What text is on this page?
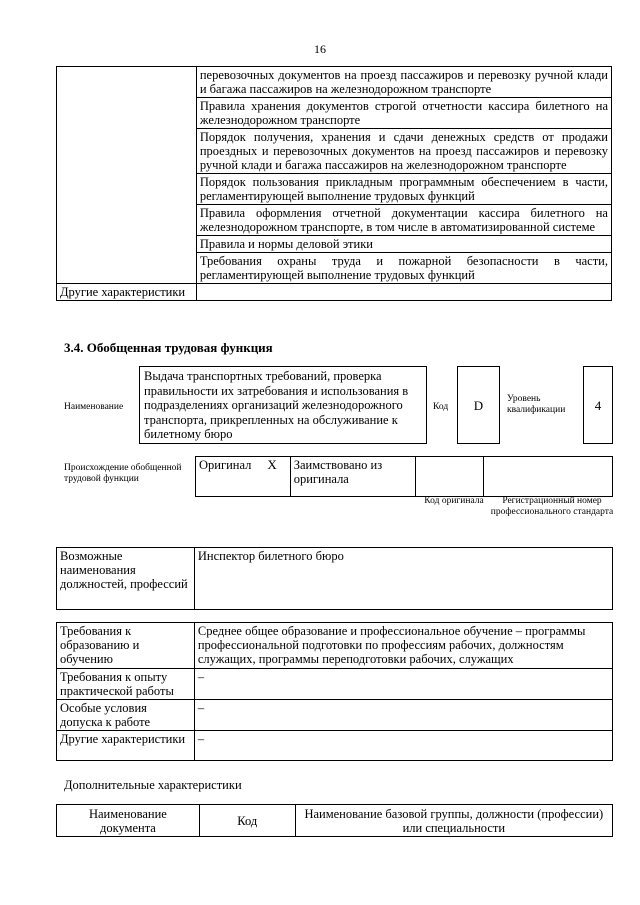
16
	перевозочных документов на проезд пассажиров и перевозку ручной клади и багажа пассажиров на железнодорожном транспорте
	Правила хранения документов строгой отчетности кассира билетного на железнодорожном транспорте
	Порядок получения, хранения и сдачи денежных средств от продажи проездных и перевозочных документов на проезд пассажиров и перевозку ручной клади и багажа пассажиров на железнодорожном транспорте
	Порядок пользования прикладным программным обеспечением в части, регламентирующей выполнение трудовых функций
	Правила оформления отчетной документации кассира билетного на железнодорожном транспорте, в том числе в автоматизированной системе
	Правила и нормы деловой этики
	Требования охраны труда и пожарной безопасности в части, регламентирующей выполнение трудовых функций
Другие характеристики	
3.4. Обобщенная трудовая функция
Наименование
Выдача транспортных требований, проверка правильности их затребования и использования в подразделениях организаций железнодорожного транспорта, прикрепленных на обслуживание к билетному бюро
Код	D	Уровень квалификации	4
Происхождение обобщенной трудовой функции
Оригинал	X	Заимствовано из оригинала		
Код оригинала	Регистрационный номер профессионального стандарта
Возможные наименования должностей, профессий	Инспектор билетного бюро
Требования к образованию и обучению	Среднее общее образование и профессиональное обучение – программы профессиональной подготовки по профессиям рабочих, должностям служащих, программы переподготовки рабочих, служащих
Требования к опыту практической работы	–
Особые условия допуска к работе	–
Другие характеристики	–
Дополнительные характеристики
Наименование документа	Код	Наименование базовой группы, должности (профессии) или специальности
